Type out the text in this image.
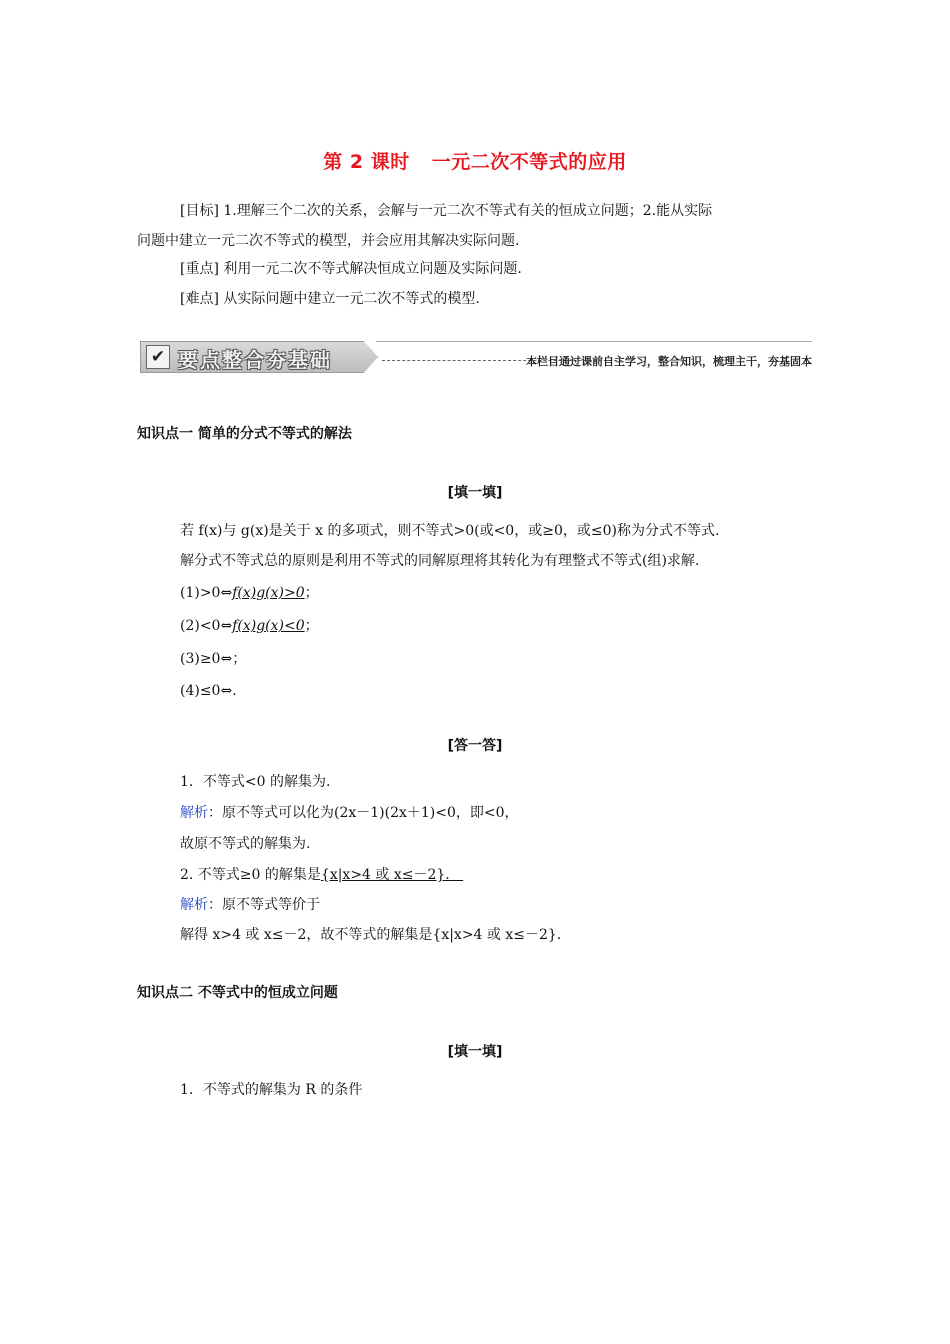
第 2 课时 一元二次不等式的应用
[目标] 1.理解三个二次的关系，会解与一元二次不等式有关的恒成立问题；2.能从实际
问题中建立一元二次不等式的模型，并会应用其解决实际问题.
[重点] 利用一元二次不等式解决恒成立问题及实际问题.
[难点] 从实际问题中建立一元二次不等式的模型.
✔ 要点整合夯基础	本栏目通过课前自主学习，整合知识，梳理主干，夯基固本
知识点一 简单的分式不等式的解法
[填一填]
若 f(x)与 g(x)是关于 x 的多项式，则不等式>0(或<0，或≥0，或≤0)称为分式不等式.
解分式不等式总的原则是利用不等式的同解原理将其转化为有理整式不等式(组)求解.
(1)>0⇔f(x)g(x)>0；
(2)<0⇔f(x)g(x)<0；
(3)≥0⇔；
(4)≤0⇔.
[答一答]
1．不等式<0 的解集为.
解析：原不等式可以化为(2x－1)(2x＋1)<0，即<0，
故原不等式的解集为.
2. 不等式≥0 的解集是{x|x>4 或 x≤－2}.
解析：原不等式等价于
解得 x>4 或 x≤－2，故不等式的解集是{x|x>4 或 x≤－2}.
知识点二 不等式中的恒成立问题
[填一填]
1．不等式的解集为 R 的条件
